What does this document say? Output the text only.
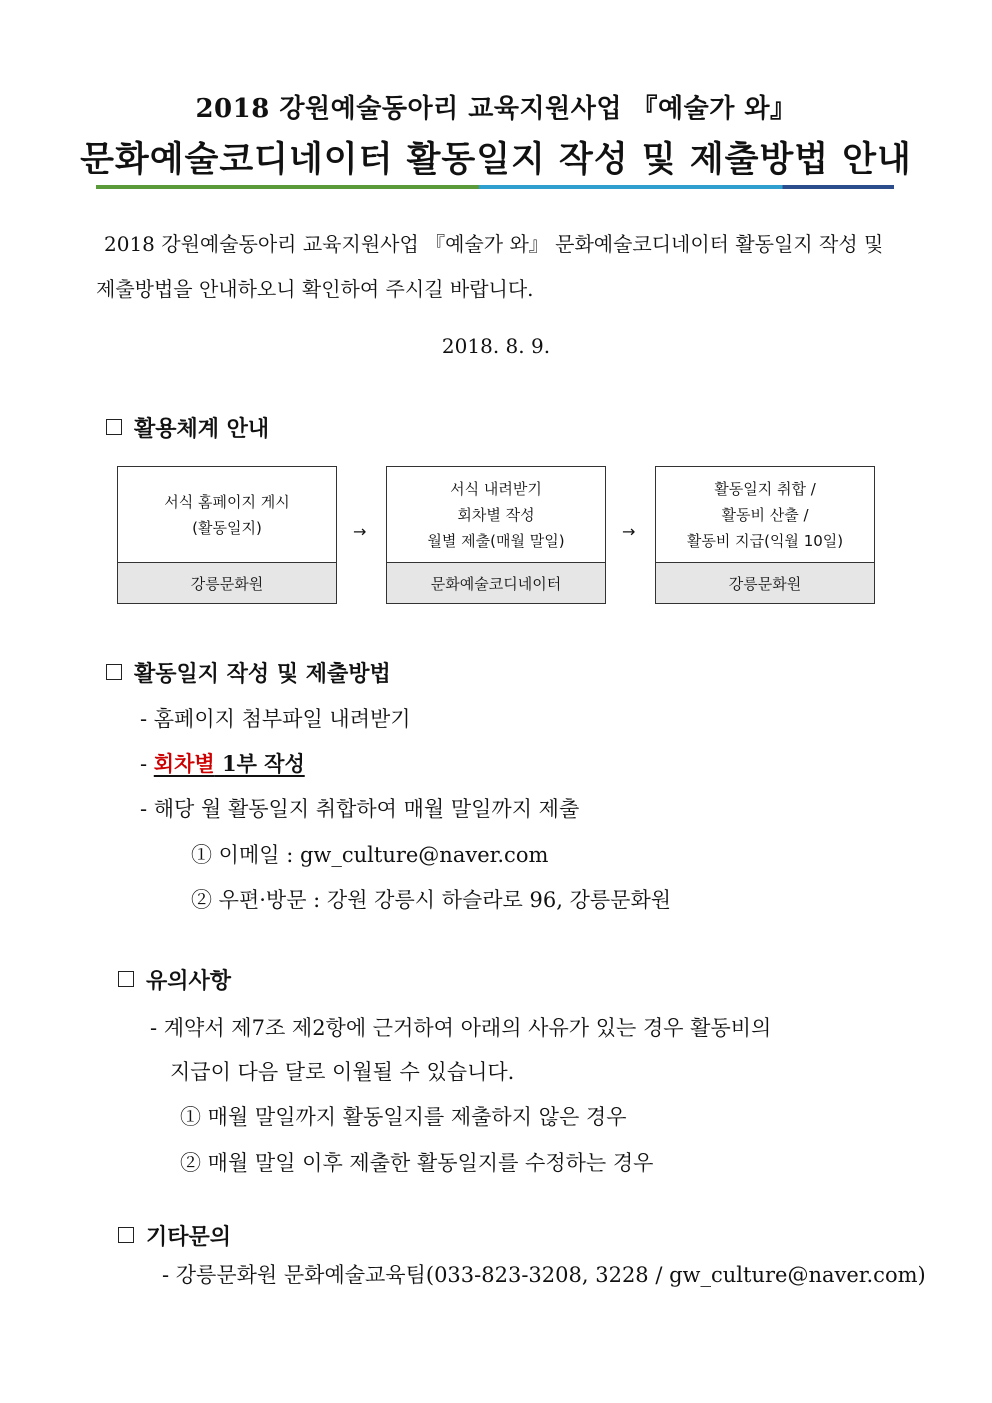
2018 강원예술동아리 교육지원사업 『예술가 와』
문화예술코디네이터 활동일지 작성 및 제출방법 안내
2018 강원예술동아리 교육지원사업 『예술가 와』 문화예술코디네이터 활동일지 작성 및 제출방법을 안내하오니 확인하여 주시길 바랍니다.
2018. 8. 9.
활용체계 안내
서식 홈페이지 게시
(활동일지)
강릉문화원
→
서식 내려받기
회차별 작성
월별 제출(매월 말일)
문화예술코디네이터
→
활동일지 취합 /
활동비 산출 /
활동비 지급(익월 10일)
강릉문화원
활동일지 작성 및 제출방법
- 홈페이지 첨부파일 내려받기
- 회차별 1부 작성
- 해당 월 활동일지 취합하여 매월 말일까지 제출
① 이메일 : gw_culture@naver.com
② 우편·방문 : 강원 강릉시 하슬라로 96, 강릉문화원
유의사항
- 계약서 제7조 제2항에 근거하여 아래의 사유가 있는 경우 활동비의
지급이 다음 달로 이월될 수 있습니다.
① 매월 말일까지 활동일지를 제출하지 않은 경우
② 매월 말일 이후 제출한 활동일지를 수정하는 경우
기타문의
- 강릉문화원 문화예술교육팀(033-823-3208, 3228 / gw_culture@naver.com)
